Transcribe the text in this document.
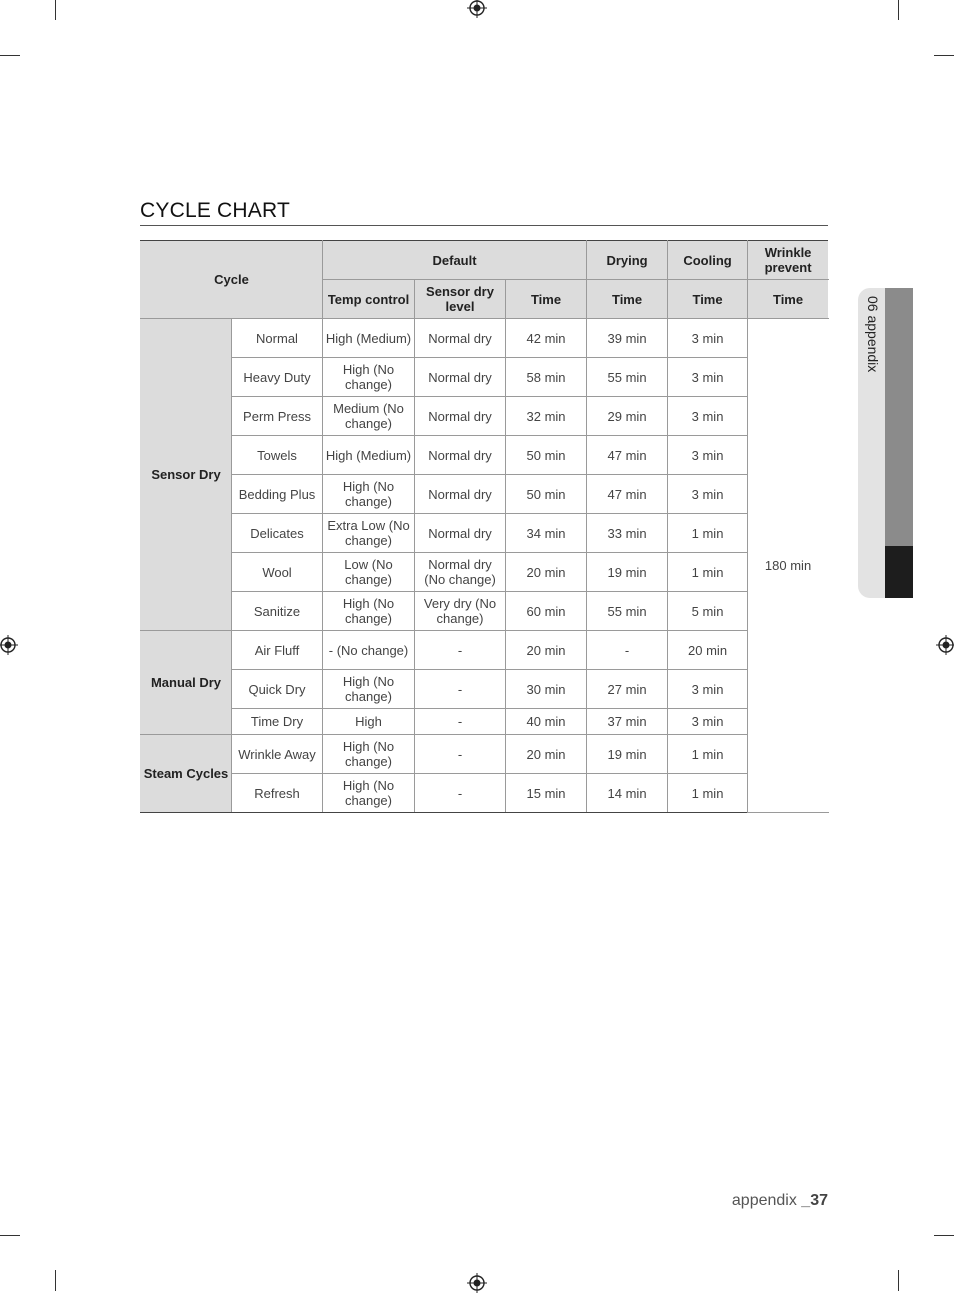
CYCLE CHART
Cycle		Default			Drying	Cooling	Wrinkle prevent
		Temp control	Sensor dry level	Time	Time	Time	Time
Sensor Dry	Normal	High (Medium)	Normal dry	42 min	39 min	3 min	180 min
	Heavy Duty	High (No change)	Normal dry	58 min	55 min	3 min	
	Perm Press	Medium (No change)	Normal dry	32 min	29 min	3 min	
	Towels	High (Medium)	Normal dry	50 min	47 min	3 min	
	Bedding Plus	High (No change)	Normal dry	50 min	47 min	3 min	
	Delicates	Extra Low (No change)	Normal dry	34 min	33 min	1 min	
	Wool	Low (No change)	Normal dry (No change)	20 min	19 min	1 min	
	Sanitize	High (No change)	Very dry (No change)	60 min	55 min	5 min	
Manual Dry	Air Fluff	- (No change)	-	20 min	-	20 min	
	Quick Dry	High (No change)	-	30 min	27 min	3 min	
	Time Dry	High	-	40 min	37 min	3 min	
Steam Cycles	Wrinkle Away	High (No change)	-	20 min	19 min	1 min	
	Refresh	High (No change)	-	15 min	14 min	1 min	
06 appendix
appendix _37
